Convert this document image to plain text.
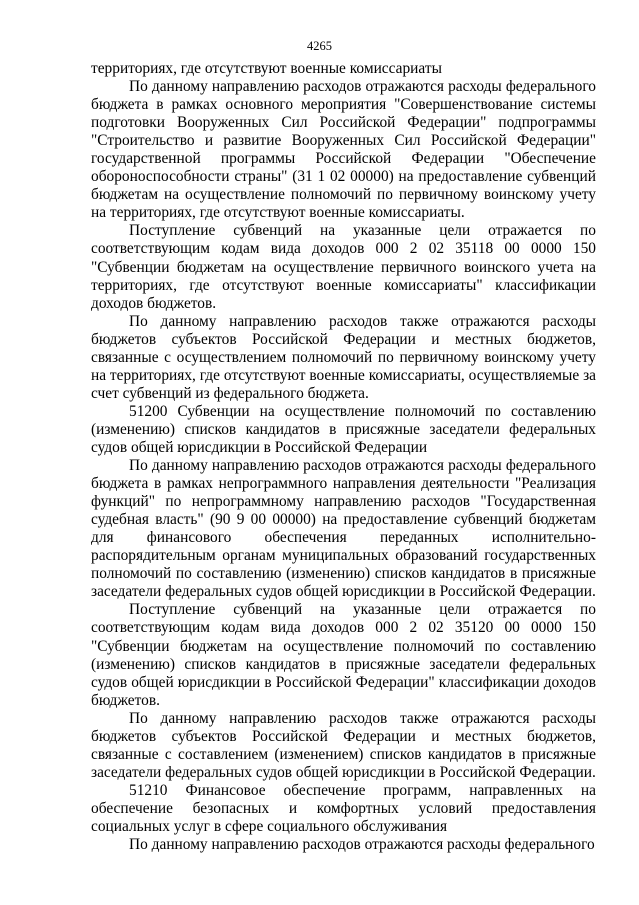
4265

территориях, где отсутствуют военные комиссариаты

По данному направлению расходов отражаются расходы федерального бюджета в рамках основного мероприятия "Совершенствование системы подготовки Вооруженных Сил Российской Федерации" подпрограммы "Строительство и развитие Вооруженных Сил Российской Федерации" государственной программы Российской Федерации "Обеспечение обороноспособности страны" (31 1 02 00000) на предоставление субвенций бюджетам на осуществление полномочий по первичному воинскому учету на территориях, где отсутствуют военные комиссариаты.

Поступление субвенций на указанные цели отражается по соответствующим кодам вида доходов 000 2 02 35118 00 0000 150 "Субвенции бюджетам на осуществление первичного воинского учета на территориях, где отсутствуют военные комиссариаты" классификации доходов бюджетов.

По данному направлению расходов также отражаются расходы бюджетов субъектов Российской Федерации и местных бюджетов, связанные с осуществлением полномочий по первичному воинскому учету на территориях, где отсутствуют военные комиссариаты, осуществляемые за счет субвенций из федерального бюджета.

51200 Субвенции на осуществление полномочий по составлению (изменению) списков кандидатов в присяжные заседатели федеральных судов общей юрисдикции в Российской Федерации

По данному направлению расходов отражаются расходы федерального бюджета в рамках непрограммного направления деятельности "Реализация функций" по непрограммному направлению расходов "Государственная судебная власть" (90 9 00 00000) на предоставление субвенций бюджетам для финансового обеспечения переданных исполнительно-распорядительным органам муниципальных образований государственных полномочий по составлению (изменению) списков кандидатов в присяжные заседатели федеральных судов общей юрисдикции в Российской Федерации.

Поступление субвенций на указанные цели отражается по соответствующим кодам вида доходов 000 2 02 35120 00 0000 150 "Субвенции бюджетам на осуществление полномочий по составлению (изменению) списков кандидатов в присяжные заседатели федеральных судов общей юрисдикции в Российской Федерации" классификации доходов бюджетов.

По данному направлению расходов также отражаются расходы бюджетов субъектов Российской Федерации и местных бюджетов, связанные с составлением (изменением) списков кандидатов в присяжные заседатели федеральных судов общей юрисдикции в Российской Федерации.

51210 Финансовое обеспечение программ, направленных на обеспечение безопасных и комфортных условий предоставления социальных услуг в сфере социального обслуживания

По данному направлению расходов отражаются расходы федерального
